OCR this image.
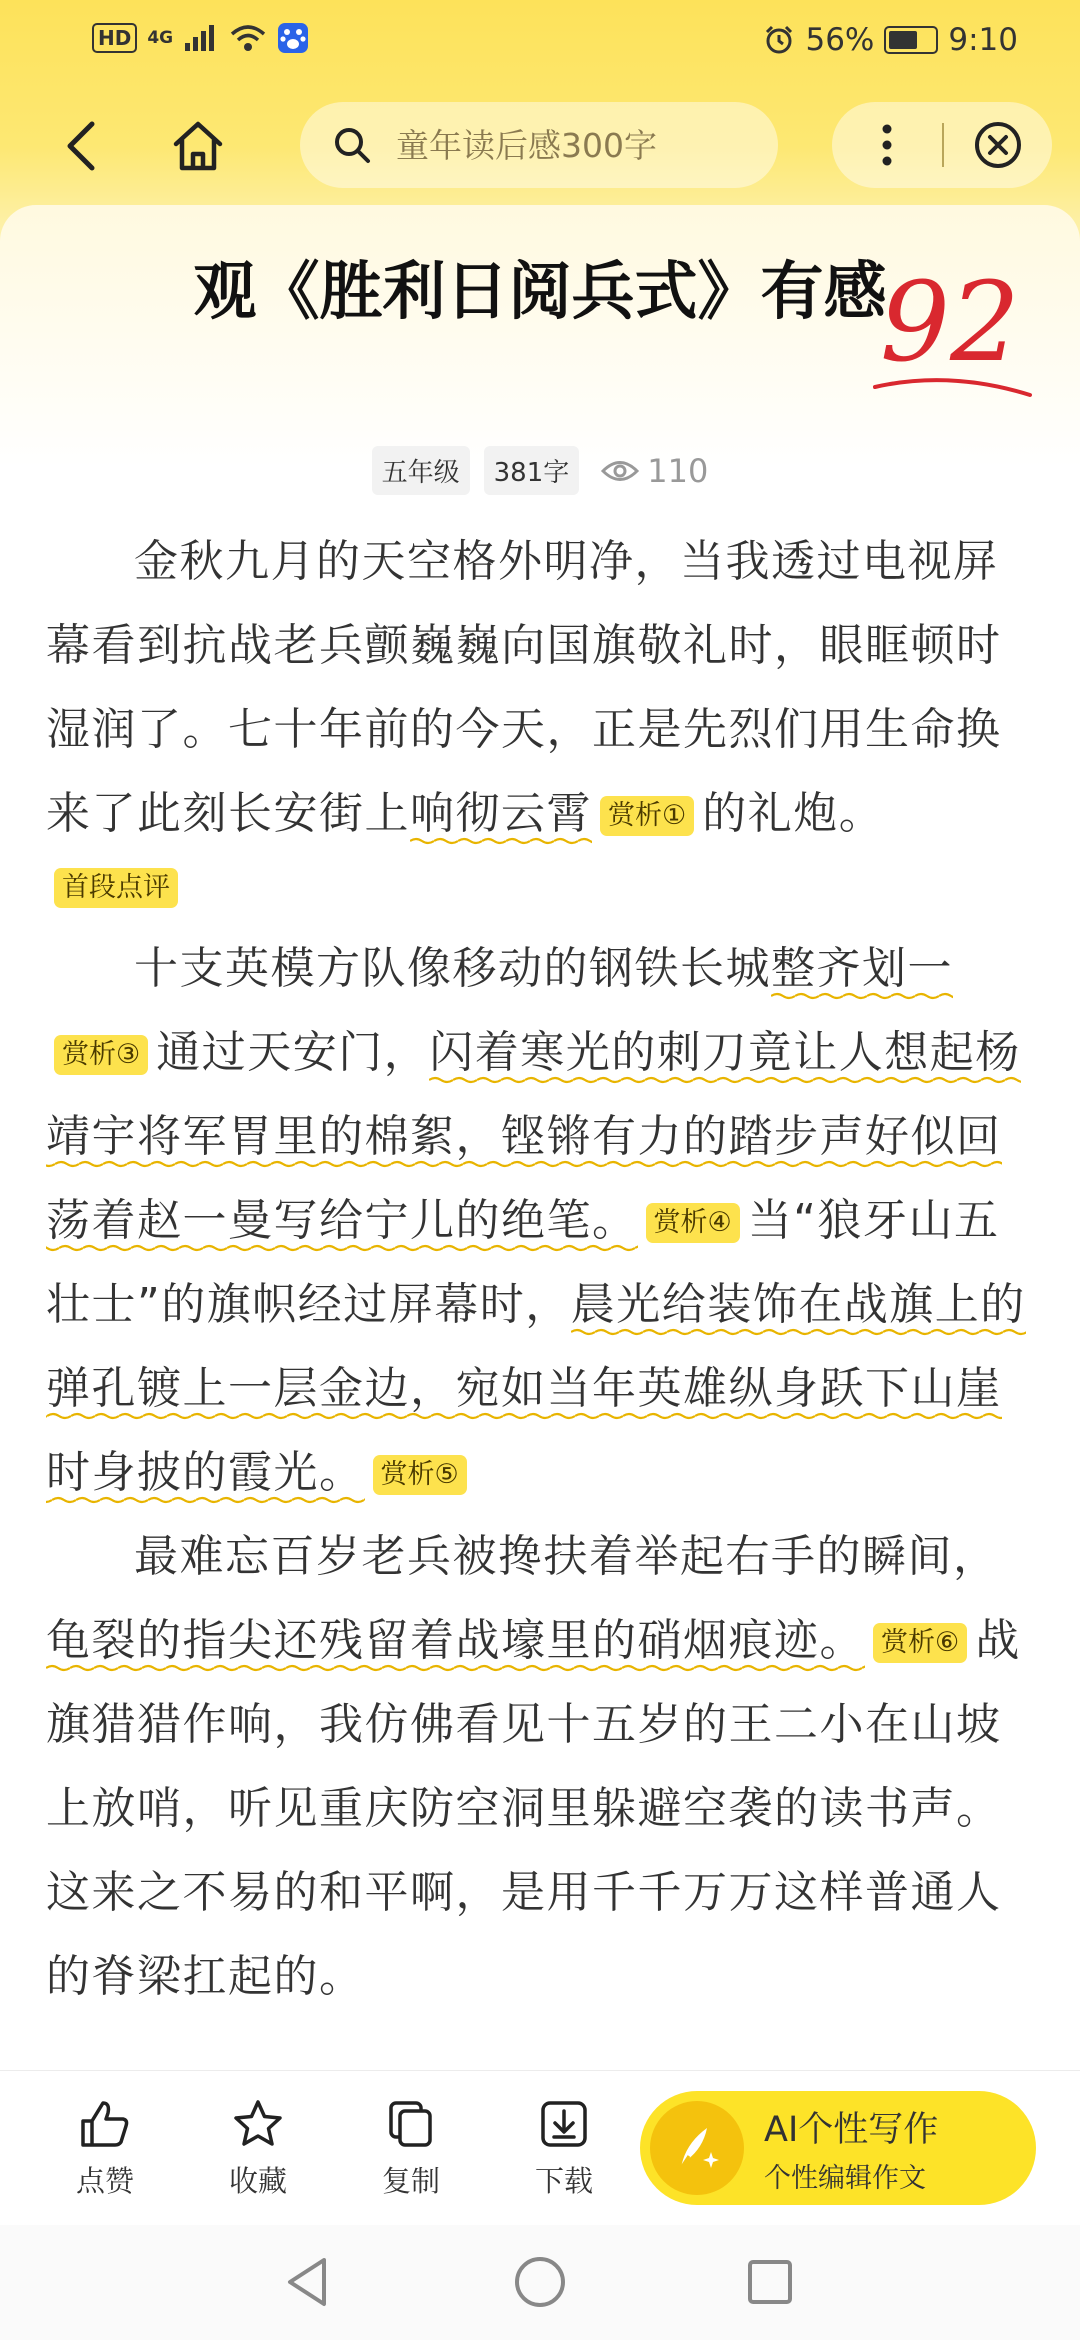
HD 4G	56% 9:10
童年读后感300字
观《胜利日阅兵式》有感
92
五年级	381字	110

金秋九月的天空格外明净，当我透过电视屏幕看到抗战老兵颤巍巍向国旗敬礼时，眼眶顿时湿润了。七十年前的今天，正是先烈们用生命换来了此刻长安街上响彻云霄 赏析① 的礼炮。

首段点评

十支英模方队像移动的钢铁长城整齐划一赏析③ 通过天安门，闪着寒光的刺刀竟让人想起杨靖宇将军胃里的棉絮，铿锵有力的踏步声好似回荡着赵一曼写给宁儿的绝笔。 赏析④ 当“狼牙山五壮士”的旗帜经过屏幕时，晨光给装饰在战旗上的弹孔镀上一层金边，宛如当年英雄纵身跃下山崖时身披的霞光。 赏析⑤

最难忘百岁老兵被搀扶着举起右手的瞬间，龟裂的指尖还残留着战壕里的硝烟痕迹。 赏析⑥ 战旗猎猎作响，我仿佛看见十五岁的王二小在山坡上放哨，听见重庆防空洞里躲避空袭的读书声。这来之不易的和平啊，是用千千万万这样普通人的脊梁扛起的。

点赞	收藏	复制	下载
AI个性写作
个性编辑作文
